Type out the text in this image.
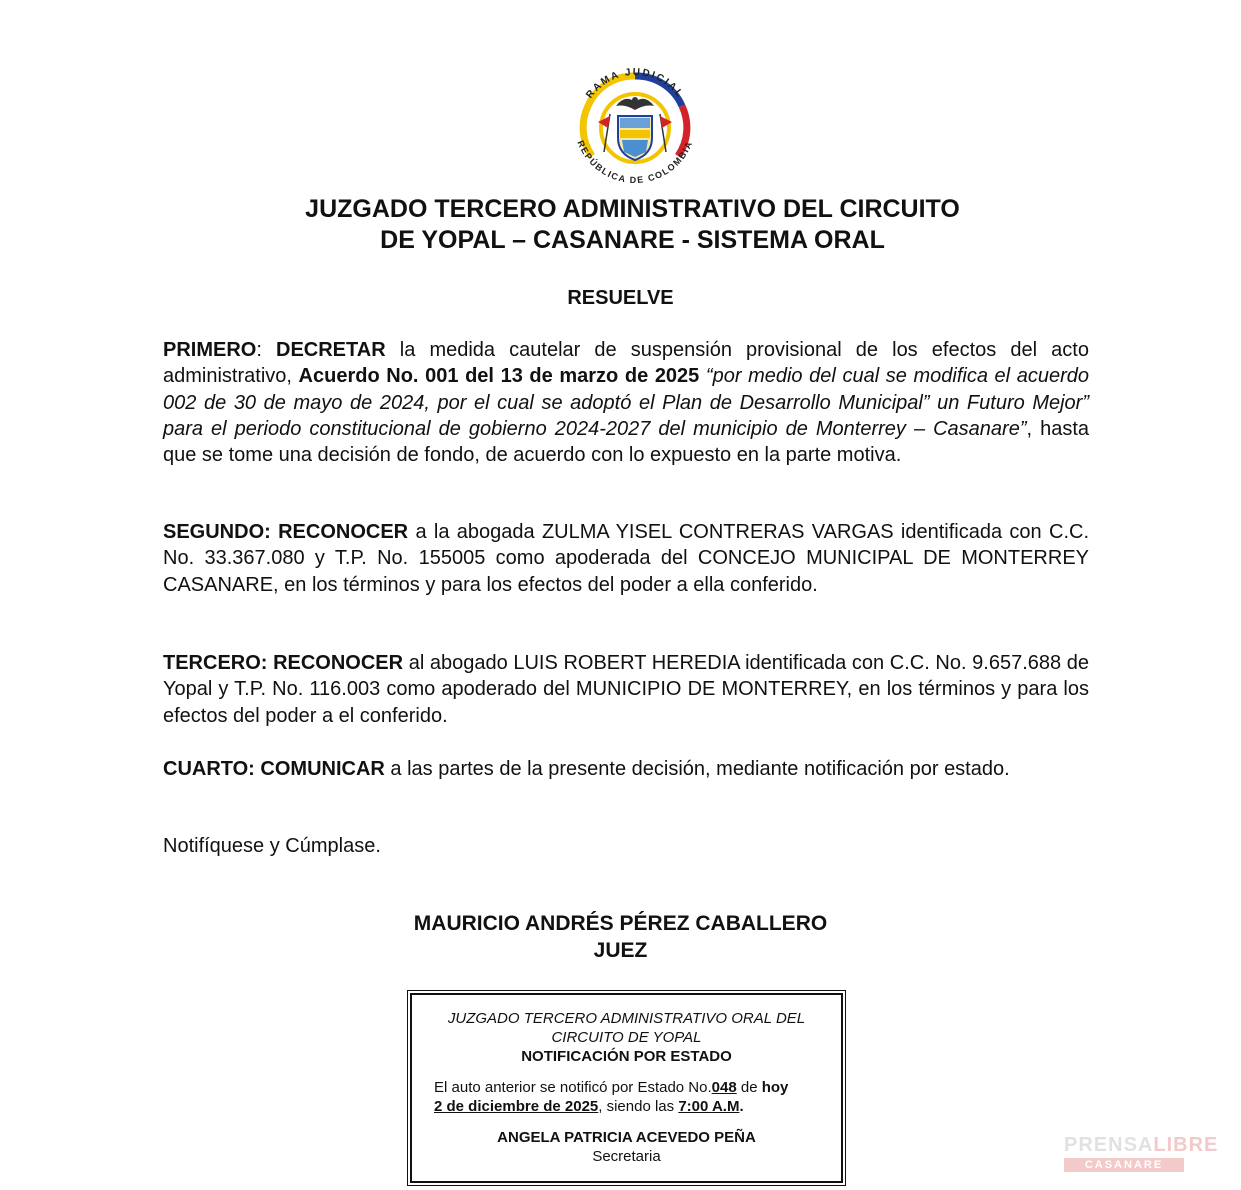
RAMA JUDICIAL
REPÚBLICA DE COLOMBIA
JUZGADO TERCERO ADMINISTRATIVO DEL CIRCUITO
DE YOPAL – CASANARE - SISTEMA ORAL
RESUELVE

PRIMERO: DECRETAR la medida cautelar de suspensión provisional de los efectos del acto administrativo, Acuerdo No. 001 del 13 de marzo de 2025 “por medio del cual se modifica el acuerdo 002 de 30 de mayo de 2024, por el cual se adoptó el Plan de Desarrollo Municipal” un Futuro Mejor” para el periodo constitucional de gobierno 2024-2027 del municipio de Monterrey – Casanare”, hasta que se tome una decisión de fondo, de acuerdo con lo expuesto en la parte motiva.

SEGUNDO: RECONOCER a la abogada ZULMA YISEL CONTRERAS VARGAS identificada con C.C. No. 33.367.080 y T.P. No. 155005 como apoderada del CONCEJO MUNICIPAL DE MONTERREY CASANARE, en los términos y para los efectos del poder a ella conferido.

TERCERO: RECONOCER al abogado LUIS ROBERT HEREDIA identificada con C.C. No. 9.657.688 de Yopal y T.P. No. 116.003 como apoderado del MUNICIPIO DE MONTERREY, en los términos y para los efectos del poder a el conferido.

CUARTO: COMUNICAR a las partes de la presente decisión, mediante notificación por estado.

Notifíquese y Cúmplase.

MAURICIO ANDRÉS PÉREZ CABALLERO
JUEZ
JUZGADO TERCERO ADMINISTRATIVO ORAL DEL
CIRCUITO DE YOPAL
NOTIFICACIÓN POR ESTADO
El auto anterior se notificó por Estado No.048 de hoy
2 de diciembre de 2025, siendo las 7:00 A.M.
ANGELA PATRICIA ACEVEDO PEÑA
Secretaria
PRENSALIBRE
CASANARE
